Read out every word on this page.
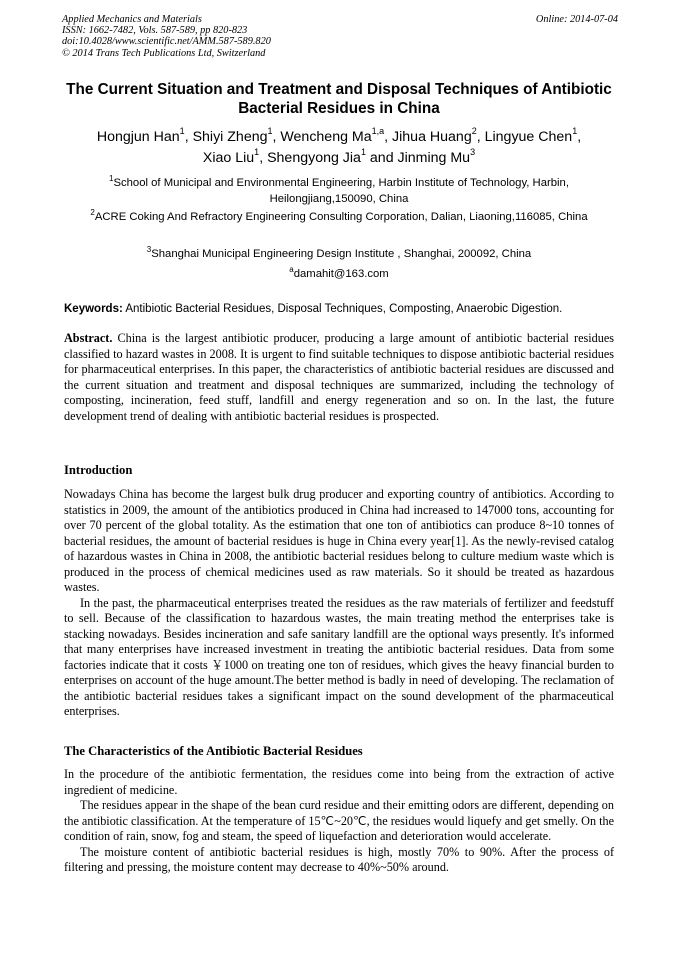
Applied Mechanics and Materials	Online: 2014-07-04
ISSN: 1662-7482, Vols. 587-589, pp 820-823
doi:10.4028/www.scientific.net/AMM.587-589.820
© 2014 Trans Tech Publications Ltd, Switzerland
The Current Situation and Treatment and Disposal Techniques of Antibiotic Bacterial Residues in China
Hongjun Han$^1$, Shiyi Zheng$^1$, Wencheng Ma$^{1,a}$, Jihua Huang$^2$, Lingyue Chen$^1$,
Xiao Liu$^1$, Shengyong Jia$^1$ and Jinming Mu$^3$
$^1$School of Municipal and Environmental Engineering, Harbin Institute of Technology, Harbin, Heilongjiang,150090, China
$^2$ACRE Coking And Refractory Engineering Consulting Corporation, Dalian, Liaoning,116085, China
$^3$Shanghai Municipal Engineering Design Institute , Shanghai, 200092, China
$^a$damahit@163.com
Keywords: Antibiotic Bacterial Residues, Disposal Techniques, Composting, Anaerobic Digestion.

Abstract. China is the largest antibiotic producer, producing a large amount of antibiotic bacterial residues classified to hazard wastes in 2008. It is urgent to find suitable techniques to dispose antibiotic bacterial residues for pharmaceutical enterprises. In this paper, the characteristics of antibiotic bacterial residues are discussed and the current situation and treatment and disposal techniques are summarized, including the technology of composting, incineration, feed stuff, landfill and energy regeneration and so on. In the last, the future development trend of dealing with antibiotic bacterial residues is prospected.

Introduction

Nowadays China has become the largest bulk drug producer and exporting country of antibiotics. According to statistics in 2009, the amount of the antibiotics produced in China had increased to 147000 tons, accounting for over 70 percent of the global totality. As the estimation that one ton of antibiotics can produce 8~10 tonnes of bacterial residues, the amount of bacterial residues is huge in China every year[1]. As the newly-revised catalog of hazardous wastes in China in 2008, the antibiotic bacterial residues belong to culture medium waste which is produced in the process of chemical medicines used as raw materials. So it should be treated as hazardous wastes.

In the past, the pharmaceutical enterprises treated the residues as the raw materials of fertilizer and feedstuff to sell. Because of the classification to hazardous wastes, the main treating method the enterprises take is stacking nowadays. Besides incineration and safe sanitary landfill are the optional ways presently. It's informed that many enterprises have increased investment in treating the antibiotic bacterial residues. Data from some factories indicate that it costs ￥1000 on treating one ton of residues, which gives the heavy financial burden to enterprises on account of the huge amount.The better method is badly in need of developing. The reclamation of the antibiotic bacterial residues takes a significant impact on the sound development of the pharmaceutical enterprises.

The Characteristics of the Antibiotic Bacterial Residues

In the procedure of the antibiotic fermentation, the residues come into being from the extraction of active ingredient of medicine.

The residues appear in the shape of the bean curd residue and their emitting odors are different, depending on the antibiotic classification. At the temperature of 15℃~20℃, the residues would liquefy and get smelly. On the condition of rain, snow, fog and steam, the speed of liquefaction and deterioration would accelerate.

The moisture content of antibiotic bacterial residues is high, mostly 70% to 90%. After the process of filtering and pressing, the moisture content may decrease to 40%~50% around.
